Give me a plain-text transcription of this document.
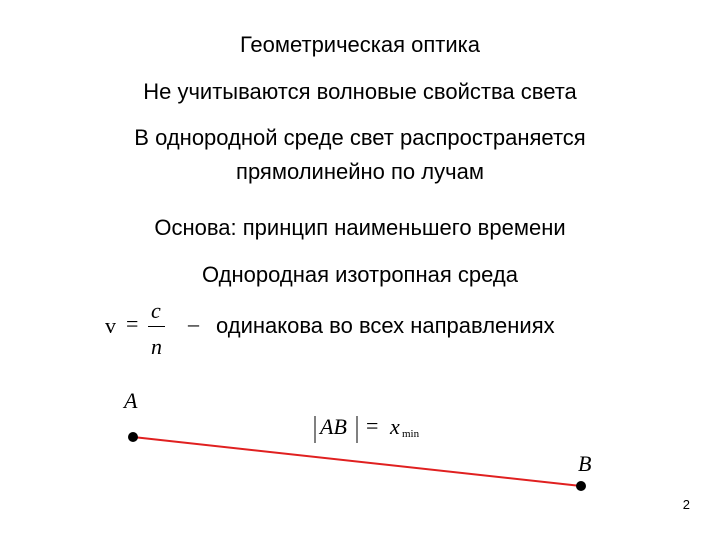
Геометрическая оптика
Не учитываются волновые свойства света
В однородной среде свет распространяется
прямолинейно по лучам
Основа: принцип наименьшего времени
Однородная изотропная среда
v =
c
n
– одинакова во всех направлениях
A
B
AB = x min
2
